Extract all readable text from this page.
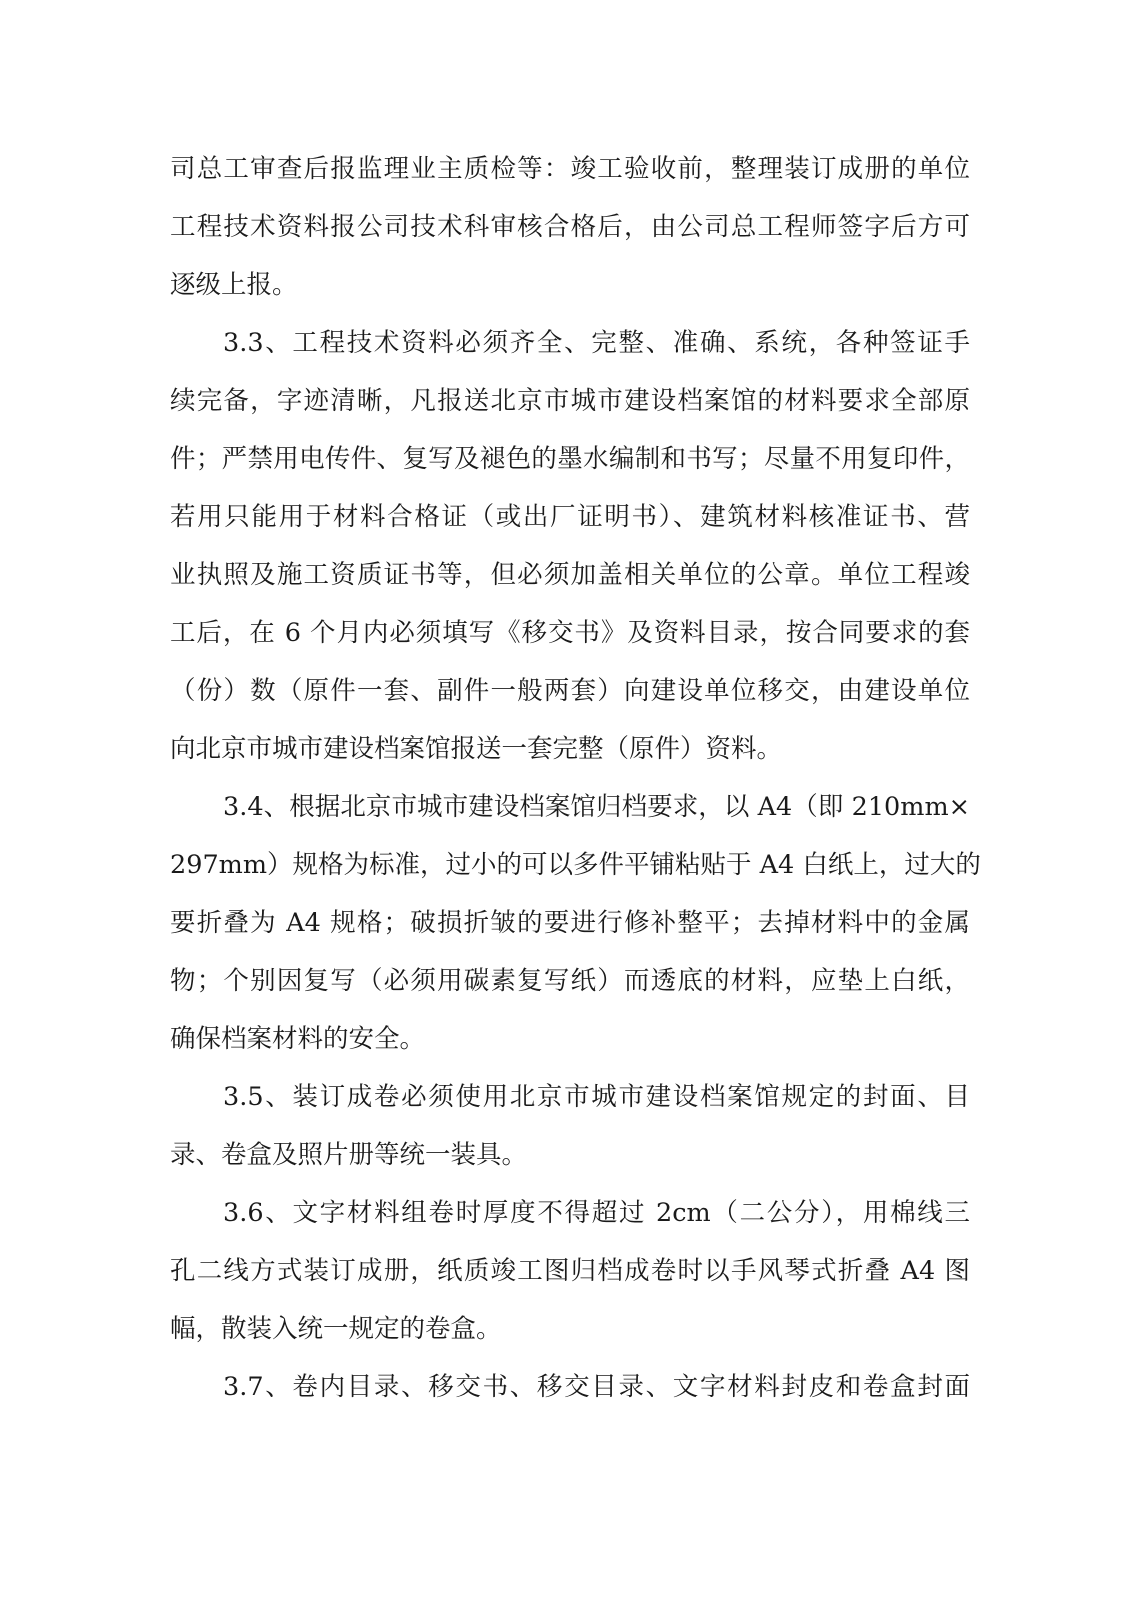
司总工审查后报监理业主质检等：竣工验收前，整理装订成册的单位
工程技术资料报公司技术科审核合格后，由公司总工程师签字后方可
逐级上报。
3.3、工程技术资料必须齐全、完整、准确、系统，各种签证手
续完备，字迹清晰，凡报送北京市城市建设档案馆的材料要求全部原
件；严禁用电传件、复写及褪色的墨水编制和书写；尽量不用复印件，
若用只能用于材料合格证（或出厂证明书）、建筑材料核准证书、营
业执照及施工资质证书等，但必须加盖相关单位的公章。单位工程竣
工后，在 6 个月内必须填写《移交书》及资料目录，按合同要求的套
（份）数（原件一套、副件一般两套）向建设单位移交，由建设单位
向北京市城市建设档案馆报送一套完整（原件）资料。
3.4、根据北京市城市建设档案馆归档要求，以 A4（即 210mm×
297mm）规格为标准，过小的可以多件平铺粘贴于 A4 白纸上，过大的
要折叠为 A4 规格；破损折皱的要进行修补整平；去掉材料中的金属
物；个别因复写（必须用碳素复写纸）而透底的材料，应垫上白纸，
确保档案材料的安全。
3.5、装订成卷必须使用北京市城市建设档案馆规定的封面、目
录、卷盒及照片册等统一装具。
3.6、文字材料组卷时厚度不得超过 2cm（二公分），用棉线三
孔二线方式装订成册，纸质竣工图归档成卷时以手风琴式折叠 A4 图
幅，散装入统一规定的卷盒。
3.7、卷内目录、移交书、移交目录、文字材料封皮和卷盒封面
